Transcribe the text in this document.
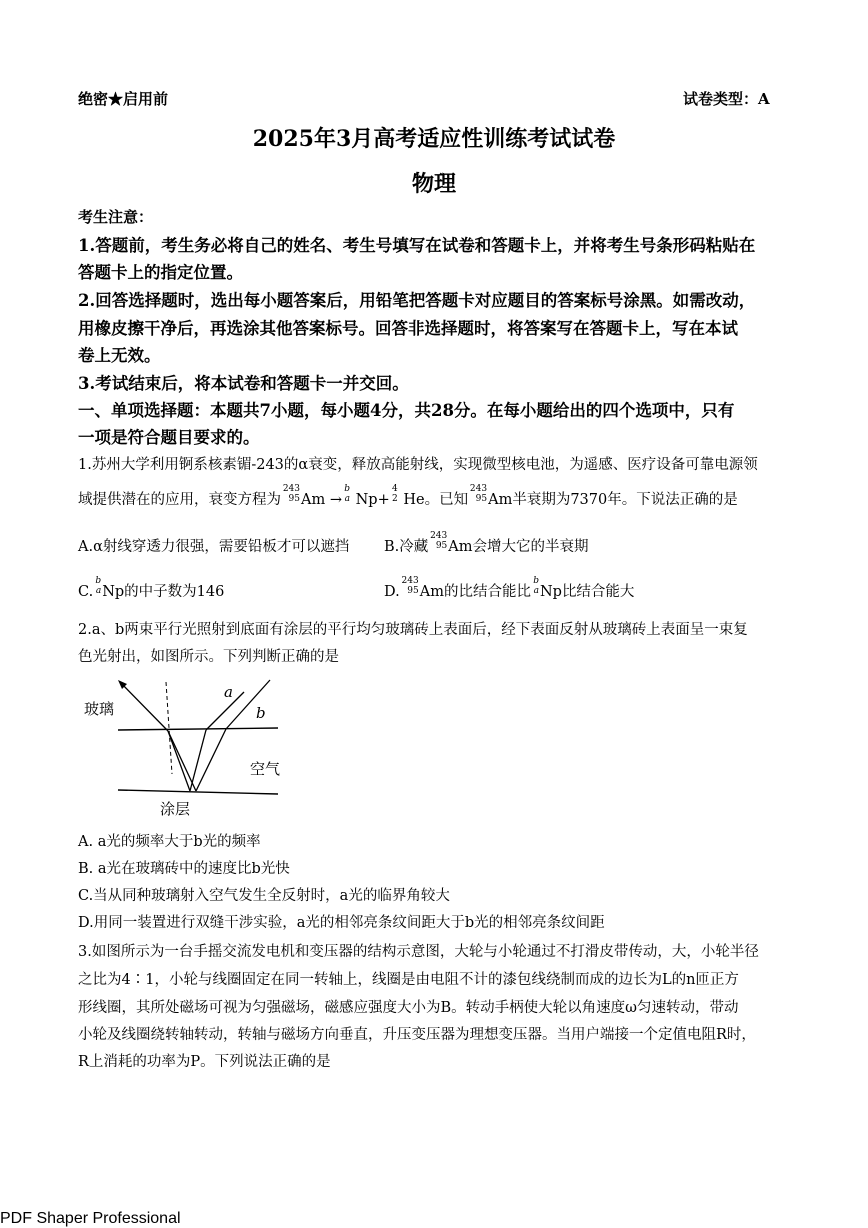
绝密★启用前	试卷类型：A
2025年3月高考适应性训练考试试卷
物理
考生注意：
1.答题前，考生务必将自己的姓名、考生号填写在试卷和答题卡上，并将考生号条形码粘贴在
答题卡上的指定位置。
2.回答选择题时，选出每小题答案后，用铅笔把答题卡对应题目的答案标号涂黑。如需改动，
用橡皮擦干净后，再选涂其他答案标号。回答非选择题时，将答案写在答题卡上，写在本试
卷上无效。
3.考试结束后，将本试卷和答题卡一并交回。
一、单项选择题：本题共7小题，每小题4分，共28分。在每小题给出的四个选项中，只有
一项是符合题目要求的。
1.苏州大学利用锕系核素镅-243的α衰变，释放高能射线，实现微型核电池，为遥感、医疗设备可靠电源领
域提供潜在的应用，衰变方程为
243
95 Am →
b
a Np+
4
2 He。已知
243
95 Am半衰期为7370年。下说法正确的是
A.α射线穿透力很强，需要铅板才可以遮挡 B.冷藏
243
95 Am会增大它的半衰期
C.
b
a Np的中子数为146	D.
243
95 Am的比结合能比
b
a Np比结合能大
2.a、b两束平行光照射到底面有涂层的平行均匀玻璃砖上表面后，经下表面反射从玻璃砖上表面呈一束复
色光射出，如图所示。下列判断正确的是
玻璃
空气
涂层
a
b
A. a光的频率大于b光的频率
B. a光在玻璃砖中的速度比b光快
C.当从同种玻璃射入空气发生全反射时，a光的临界角较大
D.用同一装置进行双缝干涉实验，a光的相邻亮条纹间距大于b光的相邻亮条纹间距
3.如图所示为一台手摇交流发电机和变压器的结构示意图，大轮与小轮通过不打滑皮带传动，大，小轮半径
之比为4∶1，小轮与线圈固定在同一转轴上，线圈是由电阻不计的漆包线绕制而成的边长为L的n匝正方
形线圈，其所处磁场可视为匀强磁场，磁感应强度大小为B。转动手柄使大轮以角速度ω匀速转动，带动
小轮及线圈绕转轴转动，转轴与磁场方向垂直，升压变压器为理想变压器。当用户端接一个定值电阻R时，
R上消耗的功率为P。下列说法正确的是
PDF Shaper Professional
